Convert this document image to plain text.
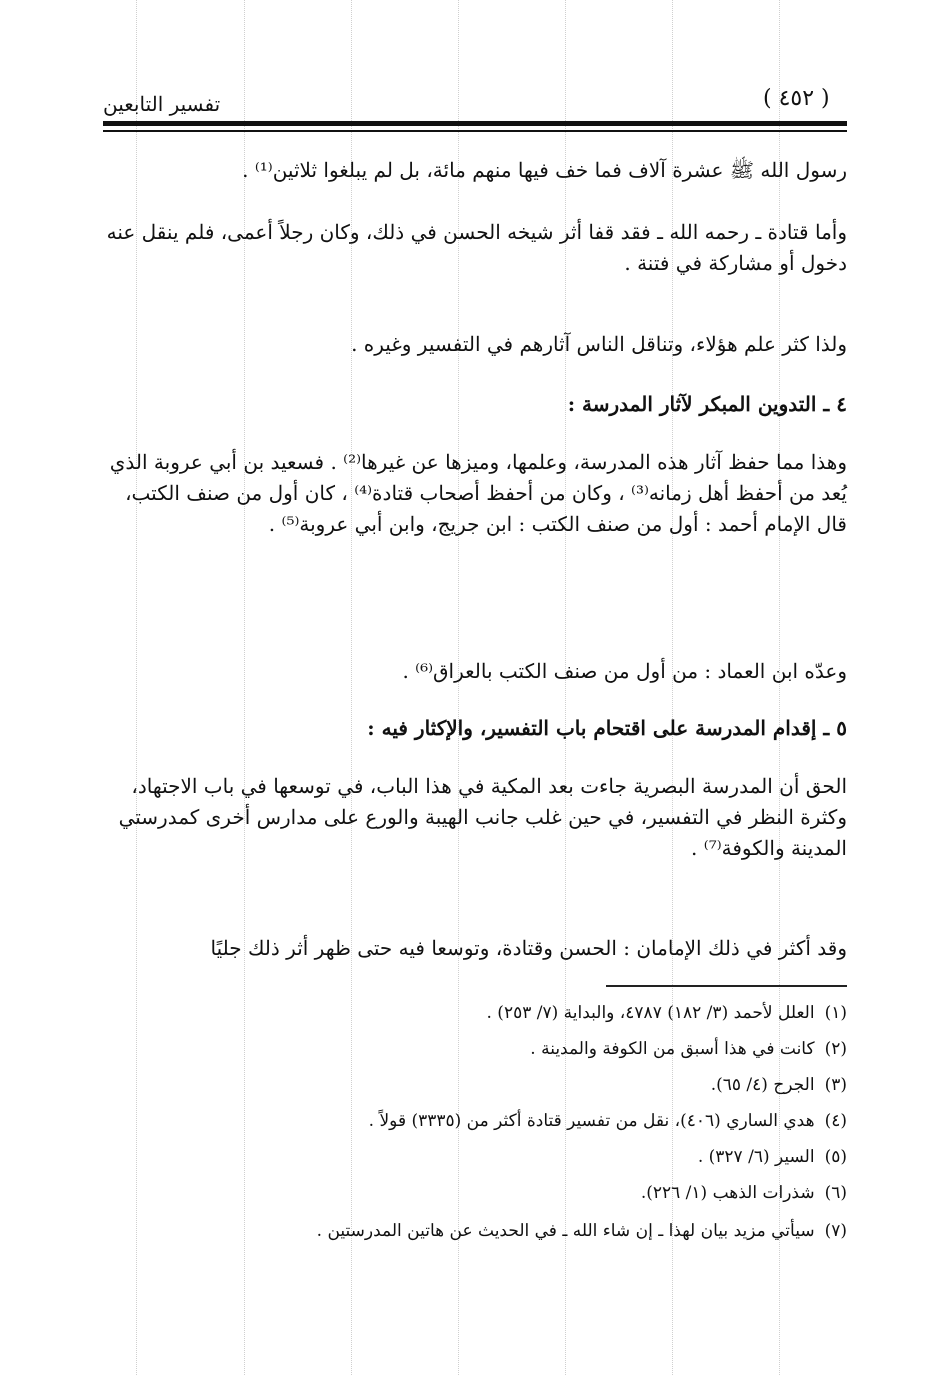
تفسير التابعين	( ٤٥٢ )

رسول الله ﷺ عشرة آلاف فما خف فيها منهم مائة، بل لم يبلغوا ثلاثين⁽¹⁾ .

وأما قتادة ـ رحمه الله ـ فقد قفا أثر شيخه الحسن في ذلك، وكان رجلاً أعمى، فلم ينقل عنه دخول أو مشاركة في فتنة .

ولذا كثر علم هؤلاء، وتناقل الناس آثارهم في التفسير وغيره .

٤ ـ التدوين المبكر لآثار المدرسة :

وهذا مما حفظ آثار هذه المدرسة، وعلمها، وميزها عن غيرها⁽²⁾ . فسعيد بن أبي عروبة الذي يُعد من أحفظ أهل زمانه⁽³⁾ ، وكان من أحفظ أصحاب قتادة⁽⁴⁾ ، كان أول من صنف الكتب، قال الإمام أحمد : أول من صنف الكتب : ابن جريج، وابن أبي عروبة⁽⁵⁾ .

وعدّه ابن العماد : من أول من صنف الكتب بالعراق⁽⁶⁾ .

٥ ـ إقدام المدرسة على اقتحام باب التفسير، والإكثار فيه :

الحق أن المدرسة البصرية جاءت بعد المكية في هذا الباب، في توسعها في باب الاجتهاد، وكثرة النظر في التفسير، في حين غلب جانب الهيبة والورع على مدارس أخرى كمدرستي المدينة والكوفة⁽⁷⁾ .

وقد أكثر في ذلك الإمامان : الحسن وقتادة، وتوسعا فيه حتى ظهر أثر ذلك جليًا

(١)العلل لأحمد (٣/ ١٨٢) ٤٧٨٧، والبداية (٧/ ٢٥٣) .

(٢)كانت في هذا أسبق من الكوفة والمدينة .

(٣)الجرح (٤/ ٦٥).

(٤)هدي الساري (٤٠٦)، نقل من تفسير قتادة أكثر من (٣٣٣٥) قولاً .

(٥)السير (٦/ ٣٢٧) .

(٦)شذرات الذهب (١/ ٢٢٦).

(٧)سيأتي مزيد بيان لهذا ـ إن شاء الله ـ في الحديث عن هاتين المدرستين .
